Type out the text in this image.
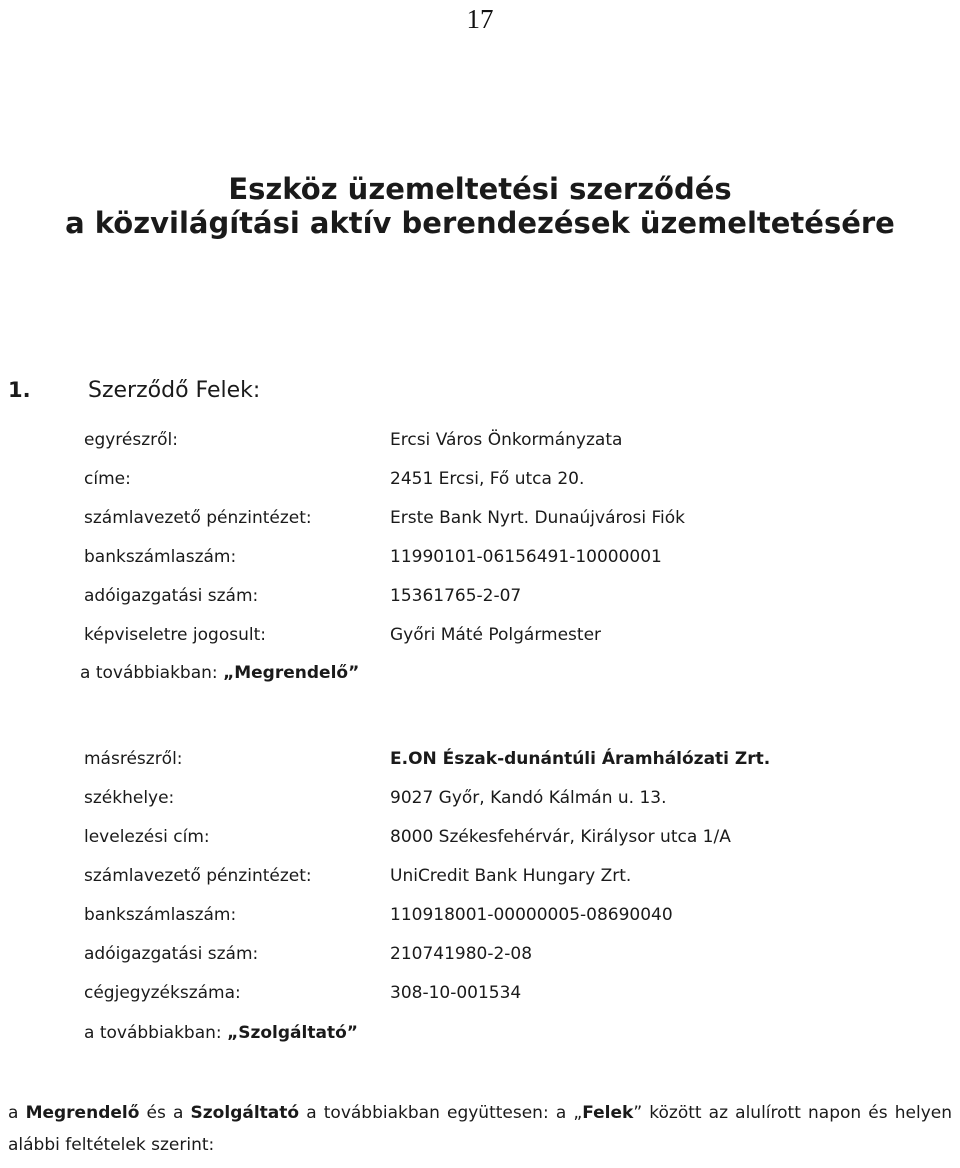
17
Eszköz üzemeltetési szerződés
a közvilágítási aktív berendezések üzemeltetésére
1.	Szerződő Felek:
egyrészről:	Ercsi Város Önkormányzata
címe:	2451 Ercsi, Fő utca 20.
számlavezető pénzintézet:	Erste Bank Nyrt. Dunaújvárosi Fiók
bankszámlaszám:	11990101-06156491-10000001
adóigazgatási szám:	15361765-2-07
képviseletre jogosult:	Győri Máté Polgármester
a továbbiakban: „Megrendelő”
másrészről:	E.ON Észak-dunántúli Áramhálózati Zrt.
székhelye:	9027 Győr, Kandó Kálmán u. 13.
levelezési cím:	8000 Székesfehérvár, Királysor utca 1/A
számlavezető pénzintézet:	UniCredit Bank Hungary Zrt.
bankszámlaszám:	110918001-00000005-08690040
adóigazgatási szám:	210741980-2-08
cégjegyzékszáma:	308-10-001534
a továbbiakban: „Szolgáltató”
a Megrendelő és a Szolgáltató a továbbiakban együttesen: a „Felek” között az alulírott napon és helyen alábbi feltételek szerint:
